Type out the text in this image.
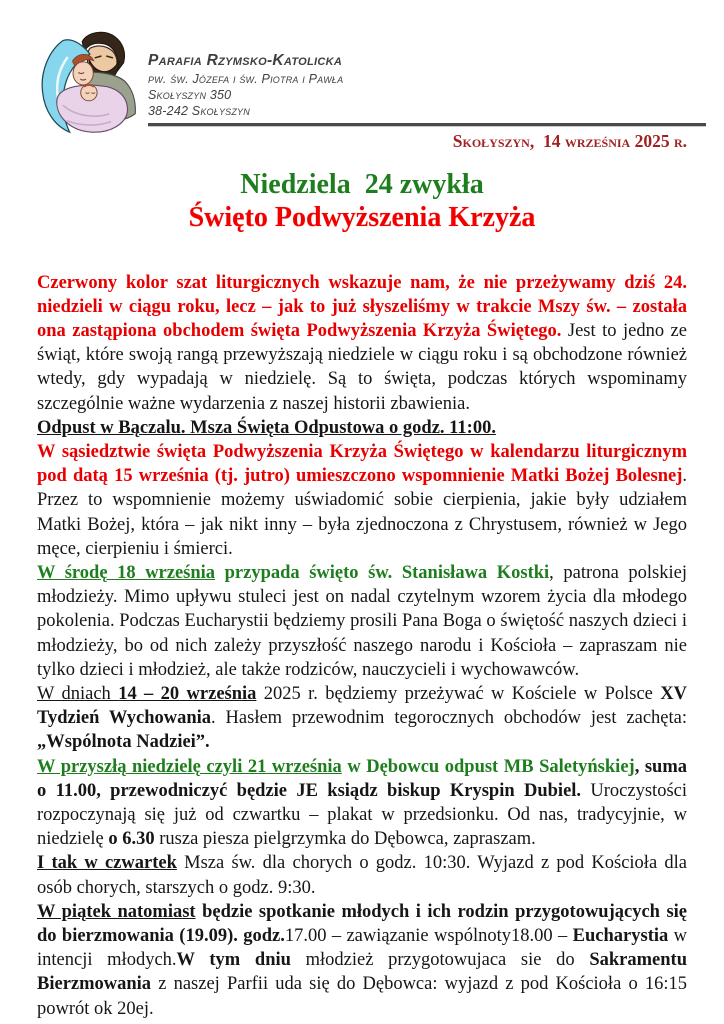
Parafia Rzymsko-Katolicka
pw. św. Józefa i św. Piotra i Pawła
Skołyszyn 350
38-242 Skołyszyn
Skołyszyn,  14 września 2025 r.
Niedziela  24 zwykła
Święto Podwyższenia Krzyża

Czerwony kolor szat liturgicznych wskazuje nam, że nie przeżywamy dziś 24. niedzieli w ciągu roku, lecz – jak to już słyszeliśmy w trakcie Mszy św. – została ona zastąpiona obchodem święta Podwyższenia Krzyża Świętego. Jest to jedno ze świąt, które swoją rangą przewyższają niedziele w ciągu roku i są obchodzone również wtedy, gdy wypadają w niedzielę. Są to święta, podczas których wspominamy szczególnie ważne wydarzenia z naszej historii zbawienia.

Odpust w Bączalu. Msza Święta Odpustowa o godz. 11:00.

W sąsiedztwie święta Podwyższenia Krzyża Świętego w kalendarzu liturgicznym pod datą 15 września (tj. jutro) umieszczono wspomnienie Matki Bożej Bolesnej. Przez to wspomnienie możemy uświadomić sobie cierpienia, jakie były udziałem Matki Bożej, która – jak nikt inny – była zjednoczona z Chrystusem, również w Jego męce, cierpieniu i śmierci.

W środę 18 września przypada święto św. Stanisława Kostki, patrona polskiej młodzieży. Mimo upływu stuleci jest on nadal czytelnym wzorem życia dla młodego pokolenia. Podczas Eucharystii będziemy prosili Pana Boga o świętość naszych dzieci i młodzieży, bo od nich zależy przyszłość naszego narodu i Kościoła – zapraszam nie tylko dzieci i młodzież, ale także rodziców, nauczycieli i wychowawców.

W dniach 14 – 20 września 2025 r. będziemy przeżywać w Kościele w Polsce XV Tydzień Wychowania. Hasłem przewodnim tegorocznych obchodów jest zachęta: „Wspólnota Nadziei”.

W przyszłą niedzielę czyli 21 września w Dębowcu odpust MB Saletyńskiej, suma o 11.00, przewodniczyć będzie JE ksiądz biskup Kryspin Dubiel. Uroczystości rozpoczynają się już od czwartku – plakat w przedsionku. Od nas, tradycyjnie, w niedzielę o 6.30 rusza piesza pielgrzymka do Dębowca, zapraszam.

I tak w czwartek Msza św. dla chorych o godz. 10:30. Wyjazd z pod Kościoła dla osób chorych, starszych o godz. 9:30.

W piątek natomiast będzie spotkanie młodych i ich rodzin przygotowujących się do bierzmowania (19.09). godz.17.00 – zawiązanie wspólnoty18.00 – Eucharystia w intencji młodych.W tym dniu młodzież przygotowujaca sie do Sakramentu Bierzmowania z naszej Parfii uda się do Dębowca: wyjazd z pod Kościoła o 16:15 powrót ok 20ej.
